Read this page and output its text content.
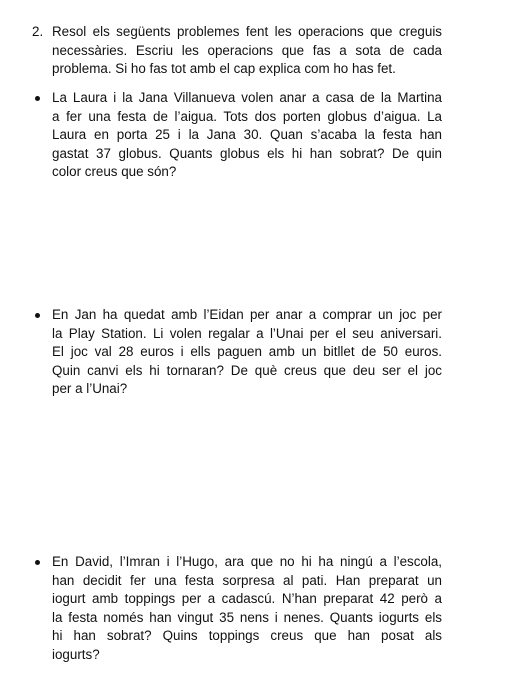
2. Resol els següents problemes fent les operacions que creguis
necessàries. Escriu les operacions que fas a sota de cada
problema. Si ho fas tot amb el cap explica com ho has fet.
La Laura i la Jana Villanueva volen anar a casa de la Martina
a fer una festa de l’aigua. Tots dos porten globus d’aigua. La
Laura en porta 25 i la Jana 30. Quan s’acaba la festa han
gastat 37 globus. Quants globus els hi han sobrat? De quin
color creus que són?
En Jan ha quedat amb l’Eidan per anar a comprar un joc per
la Play Station. Li volen regalar a l’Unai per el seu aniversari.
El joc val 28 euros i ells paguen amb un bitllet de 50 euros.
Quin canvi els hi tornaran? De què creus que deu ser el joc
per a l’Unai?
En David, l’Imran i l’Hugo, ara que no hi ha ningú a l’escola,
han decidit fer una festa sorpresa al pati. Han preparat un
iogurt amb toppings per a cadascú. N’han preparat 42 però a
la festa només han vingut 35 nens i nenes. Quants iogurts els
hi han sobrat? Quins toppings creus que han posat als
iogurts?
